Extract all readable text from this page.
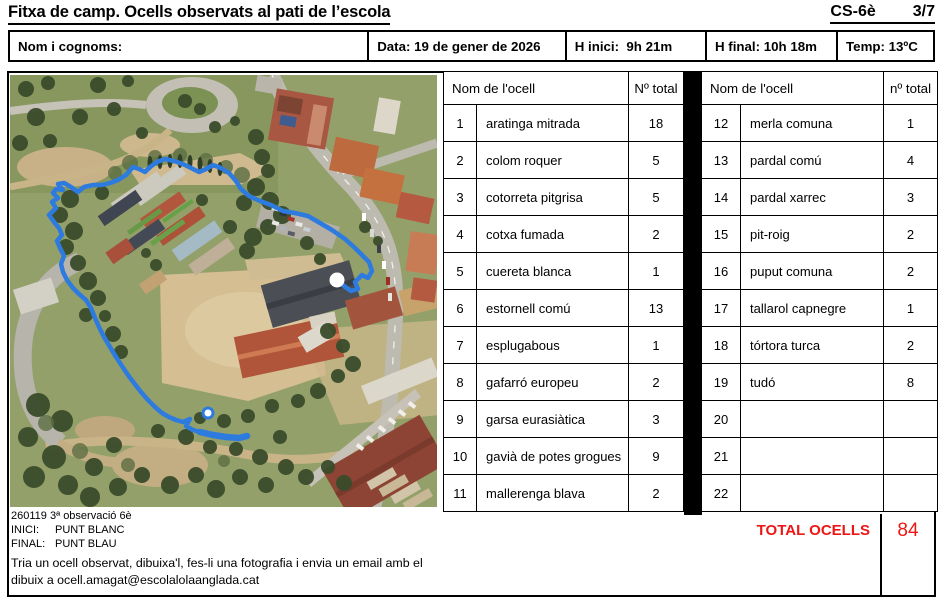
Fitxa de camp. Ocells observats al pati de l’escola	CS-6è 3/7
Nom i cognoms:	Data: 19 de gener de 2026	H inici:  9h 21m	H final: 10h 18m	Temp: 13ºC
260119 3ª observació 6è
INICI: PUNT BLANC
FINAL: PUNT BLAU
Tria un ocell observat, dibuixa'l, fes-li una fotografia i envia un email amb el dibuix a ocell.amagat@escolalolaanglada.cat
Nom de l'ocell		Nº total
1	aratinga mitrada	18
2	colom roquer	5
3	cotorreta pitgrisa	5
4	cotxa fumada	2
5	cuereta blanca	1
6	estornell comú	13
7	esplugabous	1
8	gafarró europeu	2
9	garsa eurasiàtica	3
10	gavià de potes grogues	9
11	mallerenga blava	2
Nom de l'ocell		nº total
12	merla comuna	1
13	pardal comú	4
14	pardal xarrec	3
15	pit-roig	2
16	puput comuna	2
17	tallarol capnegre	1
18	tórtora turca	2
19	tudó	8
20		
21		
22		
TOTAL OCELLS	84
